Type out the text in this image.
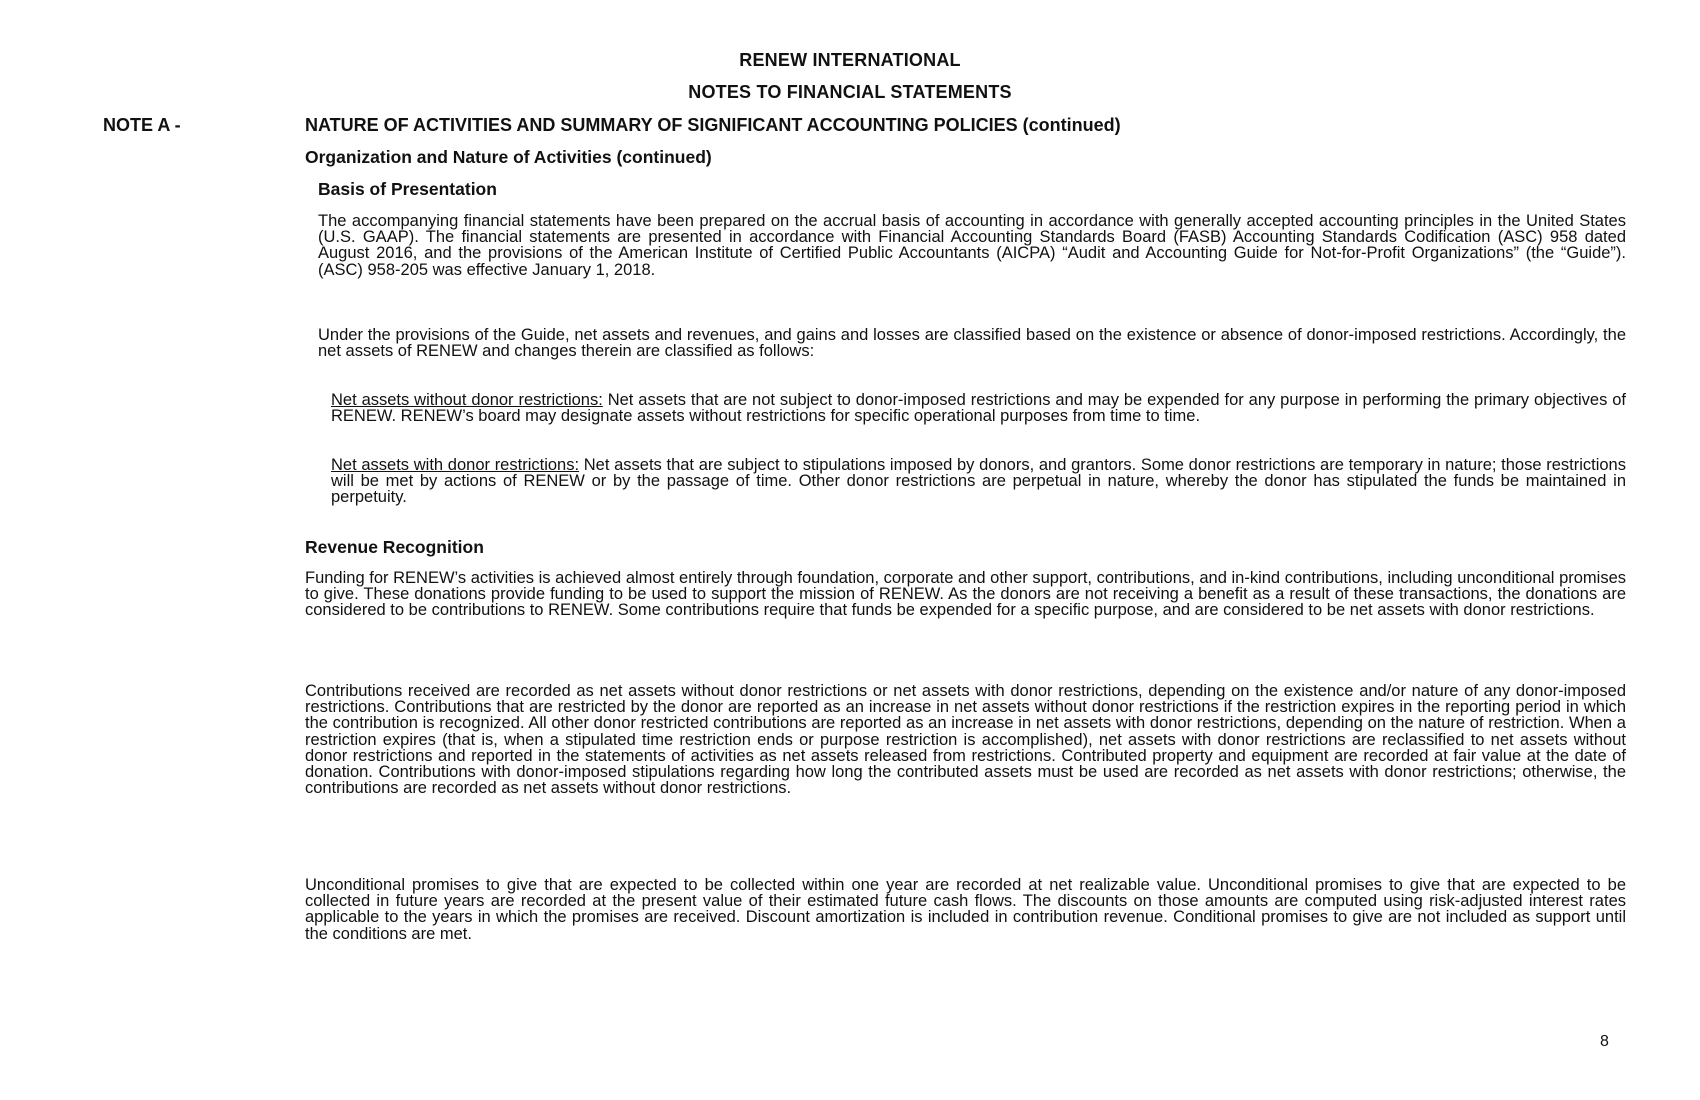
RENEW INTERNATIONAL
NOTES TO FINANCIAL STATEMENTS
NOTE A -	NATURE OF ACTIVITIES AND SUMMARY OF SIGNIFICANT ACCOUNTING POLICIES (continued)
Organization and Nature of Activities (continued)
Basis of Presentation
The accompanying financial statements have been prepared on the accrual basis of accounting in accordance with generally accepted accounting principles in the United States (U.S. GAAP). The financial statements are presented in accordance with Financial Accounting Standards Board (FASB) Accounting Standards Codification (ASC) 958 dated August 2016, and the provisions of the American Institute of Certified Public Accountants (AICPA) “Audit and Accounting Guide for Not-for-Profit Organizations” (the “Guide”). (ASC) 958-205 was effective January 1, 2018.
Under the provisions of the Guide, net assets and revenues, and gains and losses are classified based on the existence or absence of donor-imposed restrictions. Accordingly, the net assets of RENEW and changes therein are classified as follows:
Net assets without donor restrictions: Net assets that are not subject to donor-imposed restrictions and may be expended for any purpose in performing the primary objectives of RENEW. RENEW’s board may designate assets without restrictions for specific operational purposes from time to time.
Net assets with donor restrictions: Net assets that are subject to stipulations imposed by donors, and grantors. Some donor restrictions are temporary in nature; those restrictions will be met by actions of RENEW or by the passage of time. Other donor restrictions are perpetual in nature, whereby the donor has stipulated the funds be maintained in perpetuity.
Revenue Recognition
Funding for RENEW’s activities is achieved almost entirely through foundation, corporate and other support, contributions, and in-kind contributions, including unconditional promises to give. These donations provide funding to be used to support the mission of RENEW. As the donors are not receiving a benefit as a result of these transactions, the donations are considered to be contributions to RENEW. Some contributions require that funds be expended for a specific purpose, and are considered to be net assets with donor restrictions.
Contributions received are recorded as net assets without donor restrictions or net assets with donor restrictions, depending on the existence and/or nature of any donor-imposed restrictions. Contributions that are restricted by the donor are reported as an increase in net assets without donor restrictions if the restriction expires in the reporting period in which the contribution is recognized. All other donor restricted contributions are reported as an increase in net assets with donor restrictions, depending on the nature of restriction. When a restriction expires (that is, when a stipulated time restriction ends or purpose restriction is accomplished), net assets with donor restrictions are reclassified to net assets without donor restrictions and reported in the statements of activities as net assets released from restrictions. Contributed property and equipment are recorded at fair value at the date of donation. Contributions with donor-imposed stipulations regarding how long the contributed assets must be used are recorded as net assets with donor restrictions; otherwise, the contributions are recorded as net assets without donor restrictions.
Unconditional promises to give that are expected to be collected within one year are recorded at net realizable value. Unconditional promises to give that are expected to be collected in future years are recorded at the present value of their estimated future cash flows. The discounts on those amounts are computed using risk-adjusted interest rates applicable to the years in which the promises are received. Discount amortization is included in contribution revenue. Conditional promises to give are not included as support until the conditions are met.
8
